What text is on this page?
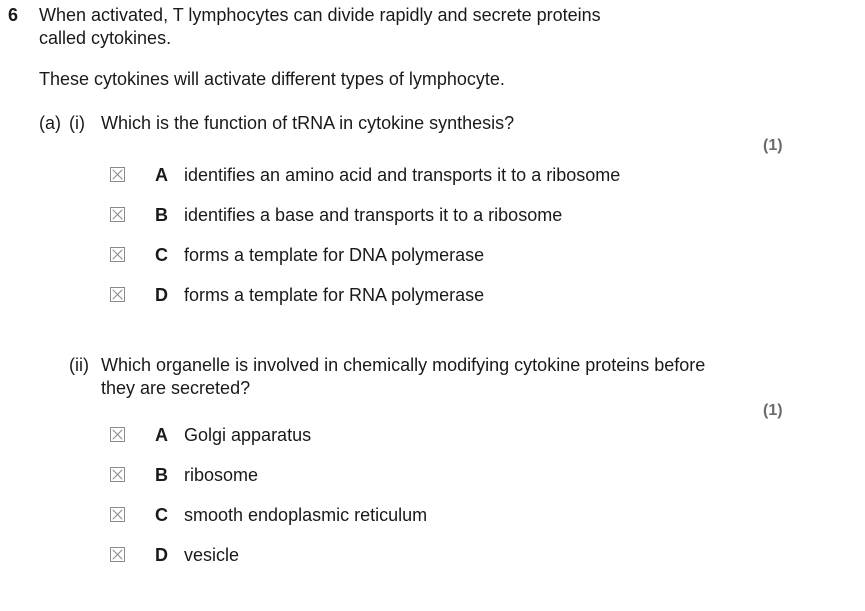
6 When activated, T lymphocytes can divide rapidly and secrete proteins
called cytokines.
These cytokines will activate different types of lymphocyte.
(a) (i) Which is the function of tRNA in cytokine synthesis?
(1)
A identifies an amino acid and transports it to a ribosome
B identifies a base and transports it to a ribosome
C forms a template for DNA polymerase
D forms a template for RNA polymerase
(ii) Which organelle is involved in chemically modifying cytokine proteins before
they are secreted?
(1)
A Golgi apparatus
B ribosome
C smooth endoplasmic reticulum
D vesicle
